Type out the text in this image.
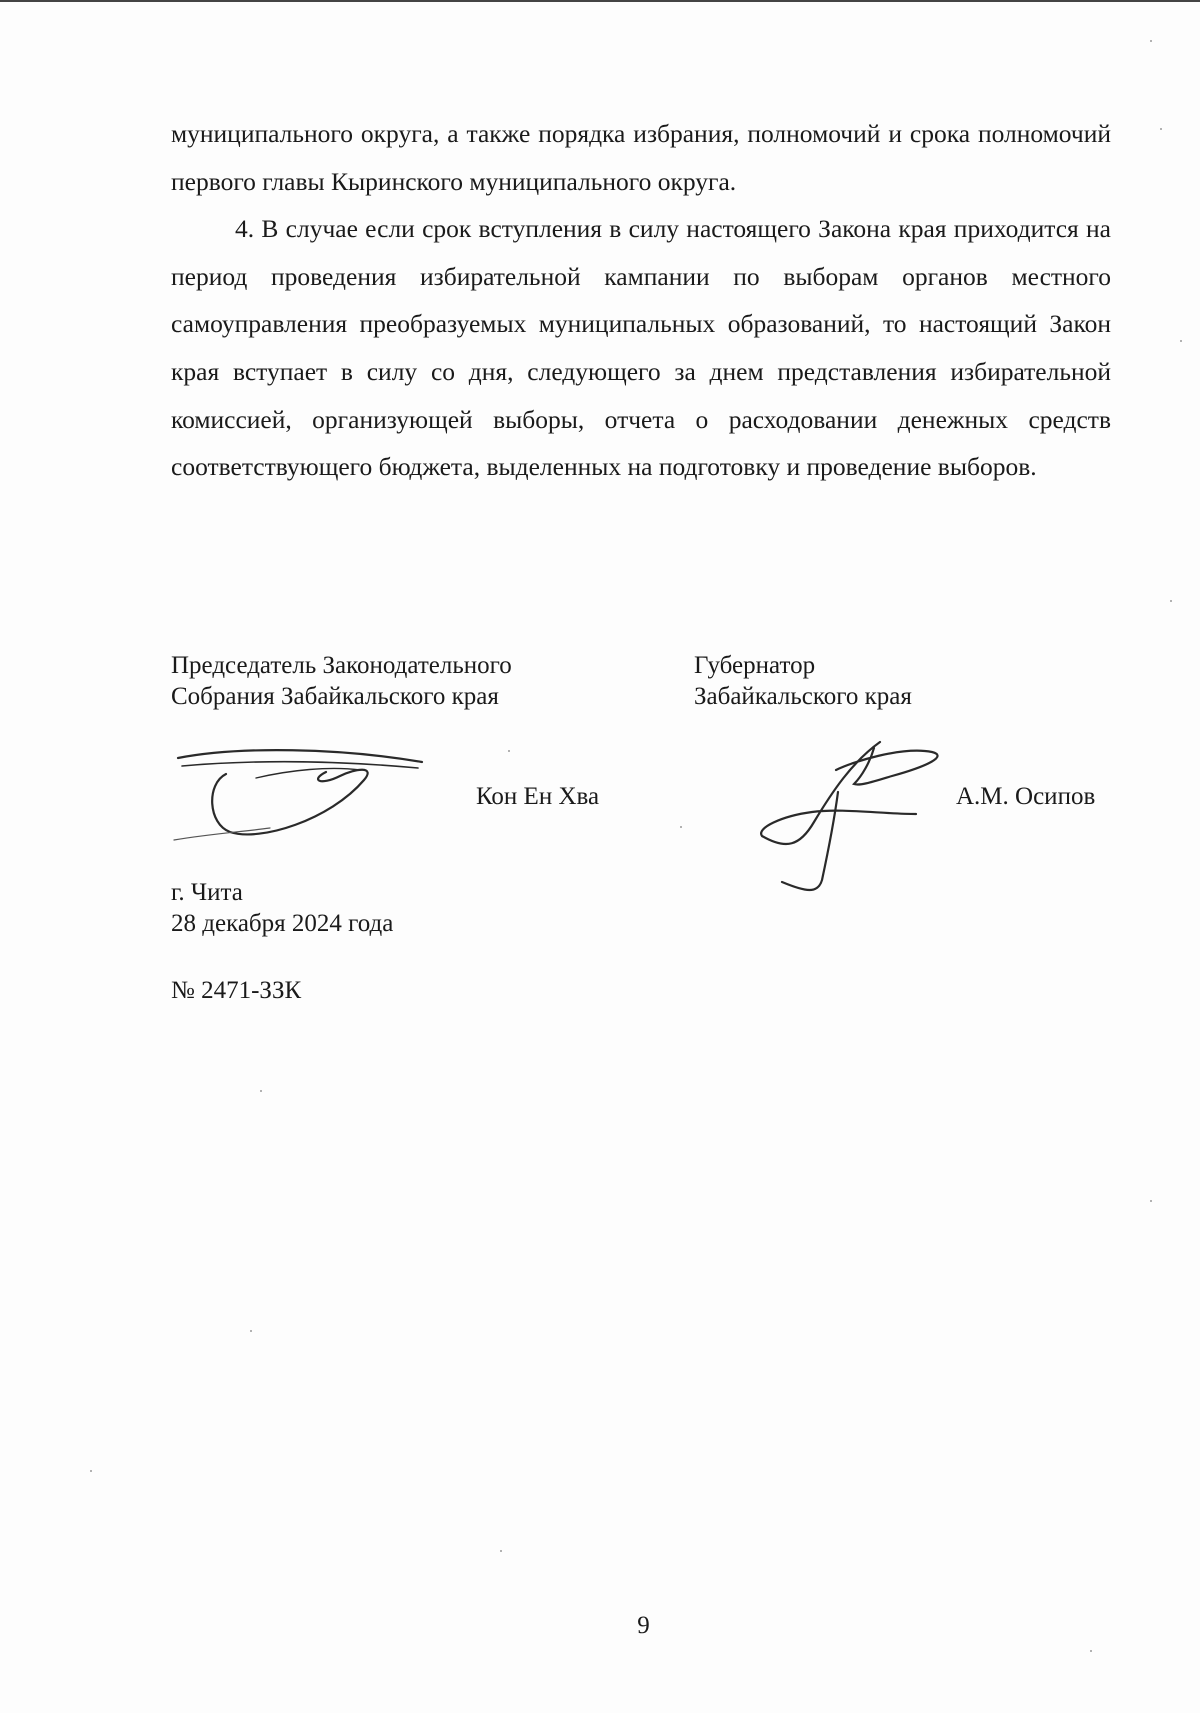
муниципального округа, а также порядка избрания, полномочий и срока полномочий первого главы Кыринского муниципального округа.

4. В случае если срок вступления в силу настоящего Закона края приходится на период проведения избирательной кампании по выборам органов местного самоуправления преобразуемых муниципальных образований, то настоящий Закон края вступает в силу со дня, следующего за днем представления избирательной комиссией, организующей выборы, отчета о расходовании денежных средств соответствующего бюджета, выделенных на подготовку и проведение выборов.

Председатель Законодательного
Собрания Забайкальского края
Губернатор
Забайкальского края
Кон Ен Хва	А.М. Осипов
г. Чита
28 декабря 2024 года
№ 2471-ЗЗК
9
